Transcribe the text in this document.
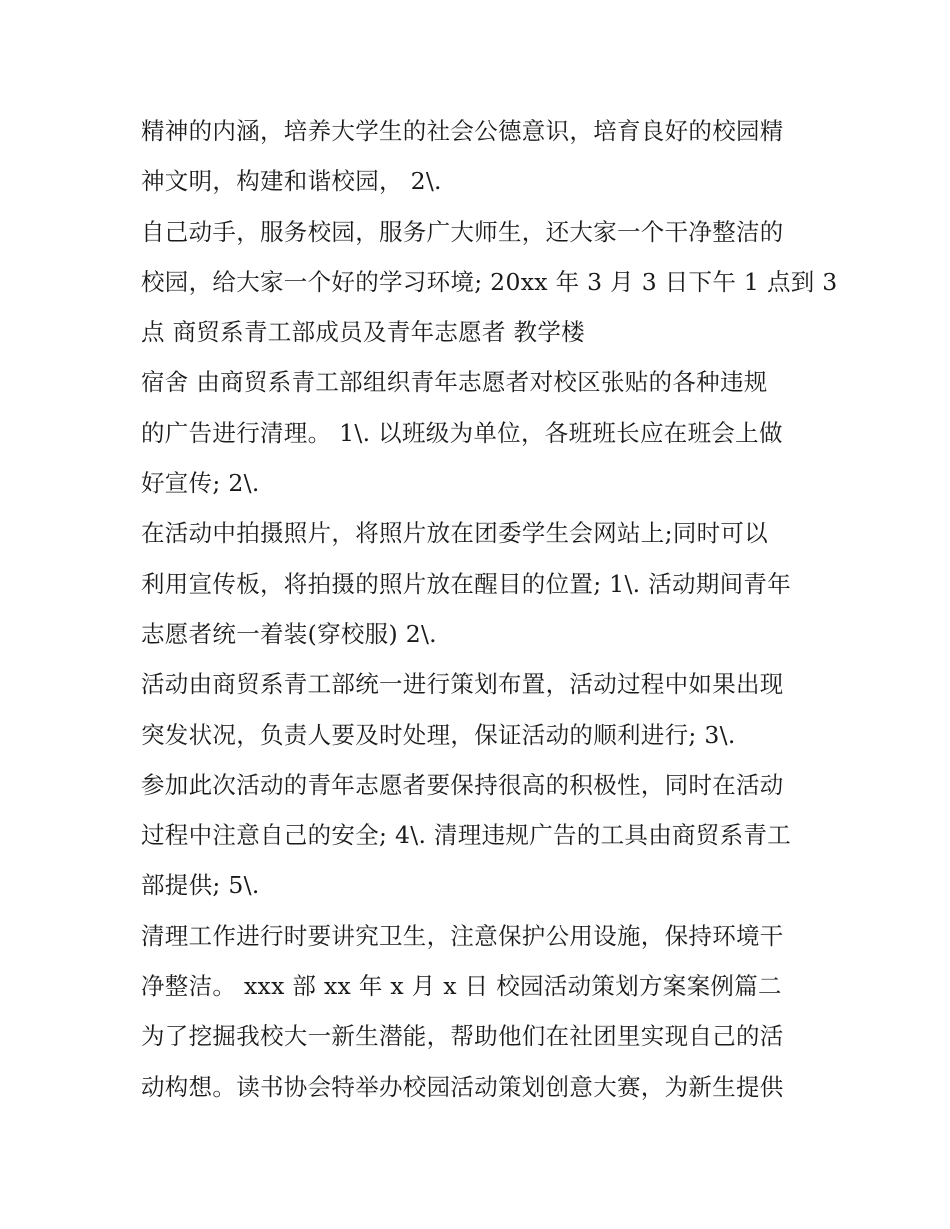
精神的内涵，培养大学生的社会公德意识，培育良好的校园精
神文明，构建和谐校园， 2\.
自己动手，服务校园，服务广大师生，还大家一个干净整洁的
校园，给大家一个好的学习环境; 20xx 年 3 月 3 日下午 1 点到 3
点 商贸系青工部成员及青年志愿者 教学楼
宿舍 由商贸系青工部组织青年志愿者对校区张贴的各种违规
的广告进行清理。 1\. 以班级为单位，各班班长应在班会上做
好宣传; 2\.
在活动中拍摄照片，将照片放在团委学生会网站上;同时可以
利用宣传板，将拍摄的照片放在醒目的位置; 1\. 活动期间青年
志愿者统一着装(穿校服) 2\.
活动由商贸系青工部统一进行策划布置，活动过程中如果出现
突发状况，负责人要及时处理，保证活动的顺利进行; 3\.
参加此次活动的青年志愿者要保持很高的积极性，同时在活动
过程中注意自己的安全; 4\. 清理违规广告的工具由商贸系青工
部提供; 5\.
清理工作进行时要讲究卫生，注意保护公用设施，保持环境干
净整洁。 xxx 部 xx 年 x 月 x 日 校园活动策划方案案例篇二
为了挖掘我校大一新生潜能，帮助他们在社团里实现自己的活
动构想。读书协会特举办校园活动策划创意大赛，为新生提供
